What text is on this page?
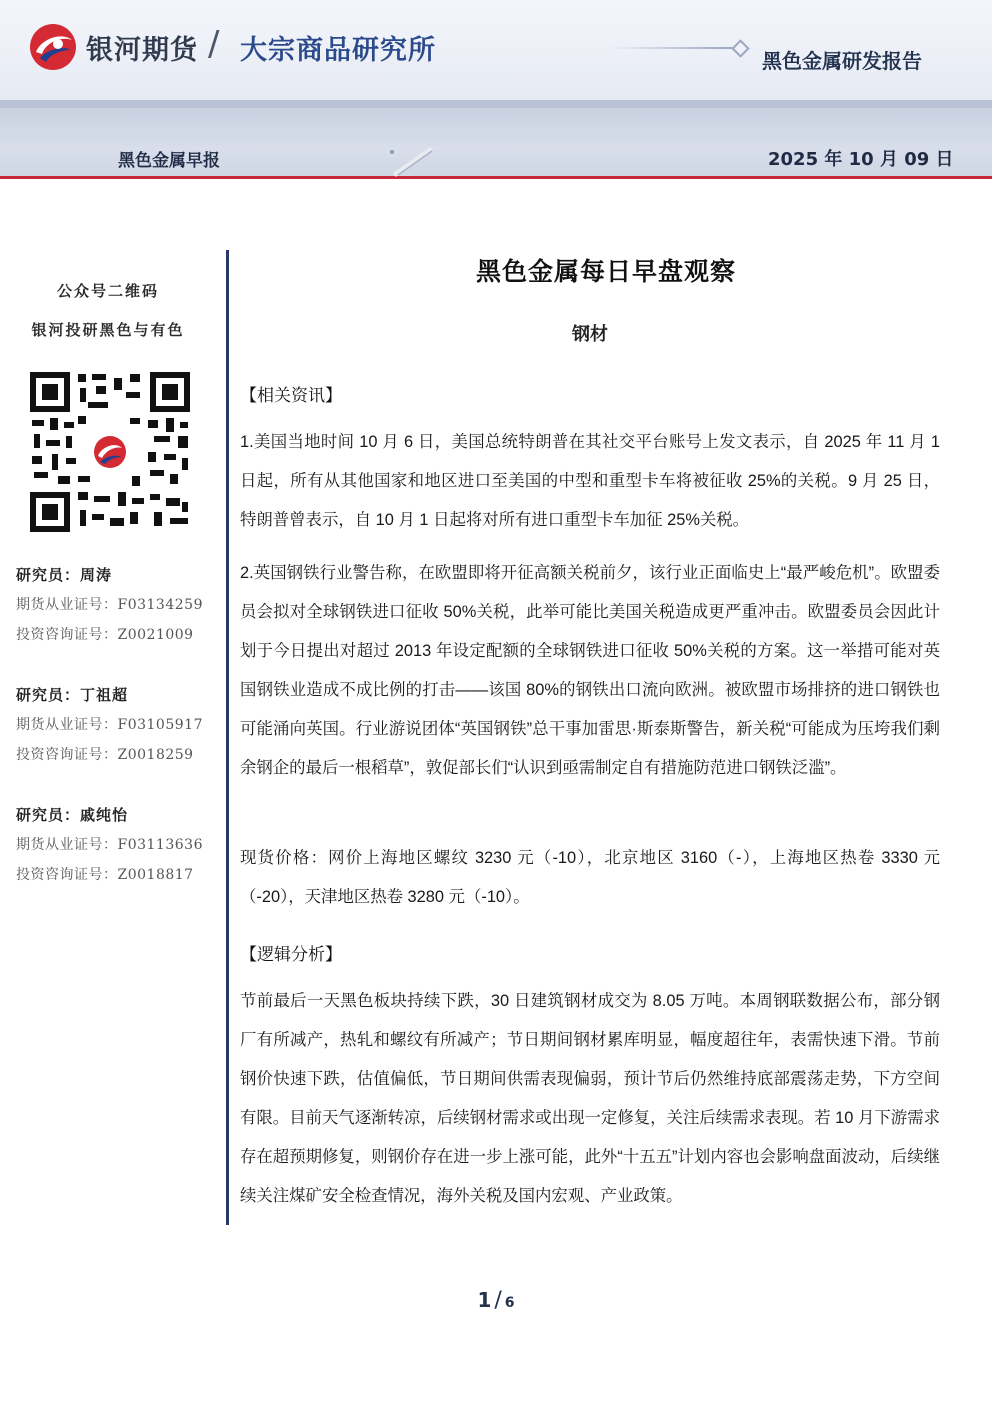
银河期货 / 大宗商品研究所	黑色金属研发报告
黑色金属早报	2025 年 10 月 09 日
公众号二维码
银河投研黑色与有色
研究员：周涛
期货从业证号：F03134259
投资咨询证号：Z0021009
研究员：丁祖超
期货从业证号：F03105917
投资咨询证号：Z0018259
研究员：戚纯怡
期货从业证号：F03113636
投资咨询证号：Z0018817
黑色金属每日早盘观察
钢材
【相关资讯】
1.美国当地时间 10 月 6 日，美国总统特朗普在其社交平台账号上发文表示，自 2025 年 11 月 1 日起，所有从其他国家和地区进口至美国的中型和重型卡车将被征收 25%的关税。9 月 25 日，特朗普曾表示，自 10 月 1 日起将对所有进口重型卡车加征 25%关税。
2.英国钢铁行业警告称，在欧盟即将开征高额关税前夕，该行业正面临史上“最严峻危机”。欧盟委员会拟对全球钢铁进口征收 50%关税，此举可能比美国关税造成更严重冲击。欧盟委员会因此计划于今日提出对超过 2013 年设定配额的全球钢铁进口征收 50%关税的方案。这一举措可能对英国钢铁业造成不成比例的打击——该国 80%的钢铁出口流向欧洲。被欧盟市场排挤的进口钢铁也可能涌向英国。行业游说团体“英国钢铁”总干事加雷思·斯泰斯警告，新关税“可能成为压垮我们剩余钢企的最后一根稻草”，敦促部长们“认识到亟需制定自有措施防范进口钢铁泛滥”。
现货价格：网价上海地区螺纹 3230 元（-10），北京地区 3160（-），上海地区热卷 3330 元（-20），天津地区热卷 3280 元（-10）。
【逻辑分析】
节前最后一天黑色板块持续下跌，30 日建筑钢材成交为 8.05 万吨。本周钢联数据公布，部分钢厂有所减产，热轧和螺纹有所减产；节日期间钢材累库明显，幅度超往年，表需快速下滑。节前钢价快速下跌，估值偏低，节日期间供需表现偏弱，预计节后仍然维持底部震荡走势，下方空间有限。目前天气逐渐转凉，后续钢材需求或出现一定修复，关注后续需求表现。若 10 月下游需求存在超预期修复，则钢价存在进一步上涨可能，此外“十五五”计划内容也会影响盘面波动，后续继续关注煤矿安全检查情况，海外关税及国内宏观、产业政策。
1 / 6
